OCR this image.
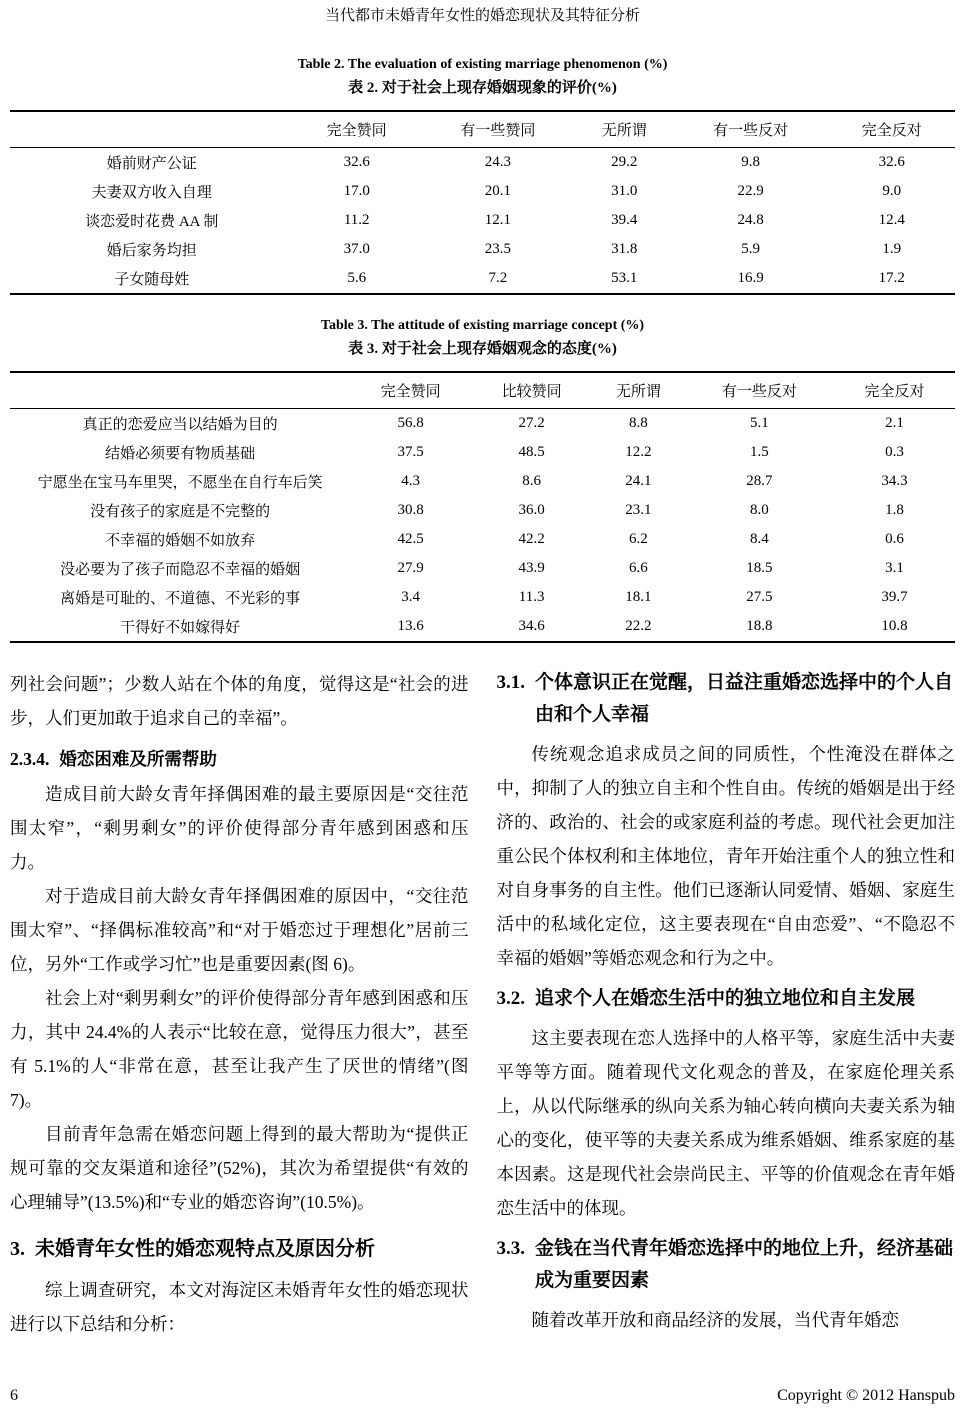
当代都市未婚青年女性的婚恋现状及其特征分析
Table 2. The evaluation of existing marriage phenomenon (%)
表 2. 对于社会上现存婚姻现象的评价(%)
	完全赞同	有一些赞同	无所谓	有一些反对	完全反对
婚前财产公证	32.6	24.3	29.2	9.8	32.6
夫妻双方收入自理	17.0	20.1	31.0	22.9	9.0
谈恋爱时花费 AA 制	11.2	12.1	39.4	24.8	12.4
婚后家务均担	37.0	23.5	31.8	5.9	1.9
子女随母姓	5.6	7.2	53.1	16.9	17.2
Table 3. The attitude of existing marriage concept (%)
表 3. 对于社会上现存婚姻观念的态度(%)
	完全赞同	比较赞同	无所谓	有一些反对	完全反对
真正的恋爱应当以结婚为目的	56.8	27.2	8.8	5.1	2.1
结婚必须要有物质基础	37.5	48.5	12.2	1.5	0.3
宁愿坐在宝马车里哭，不愿坐在自行车后笑	4.3	8.6	24.1	28.7	34.3
没有孩子的家庭是不完整的	30.8	36.0	23.1	8.0	1.8
不幸福的婚姻不如放弃	42.5	42.2	6.2	8.4	0.6
没必要为了孩子而隐忍不幸福的婚姻	27.9	43.9	6.6	18.5	3.1
离婚是可耻的、不道德、不光彩的事	3.4	11.3	18.1	27.5	39.7
干得好不如嫁得好	13.6	34.6	22.2	18.8	10.8

列社会问题”；少数人站在个体的角度，觉得这是“社会的进步，人们更加敢于追求自己的幸福”。

2.3.4. 婚恋困难及所需帮助

造成目前大龄女青年择偶困难的最主要原因是“交往范围太窄”，“剩男剩女”的评价使得部分青年感到困惑和压力。

对于造成目前大龄女青年择偶困难的原因中，“交往范围太窄”、“择偶标准较高”和“对于婚恋过于理想化”居前三位，另外“工作或学习忙”也是重要因素(图 6)。

社会上对“剩男剩女”的评价使得部分青年感到困惑和压力，其中 24.4%的人表示“比较在意，觉得压力很大”，甚至有 5.1%的人“非常在意，甚至让我产生了厌世的情绪”(图 7)。

目前青年急需在婚恋问题上得到的最大帮助为“提供正规可靠的交友渠道和途径”(52%)，其次为希望提供“有效的心理辅导”(13.5%)和“专业的婚恋咨询”(10.5%)。

3. 未婚青年女性的婚恋观特点及原因分析

综上调查研究，本文对海淀区未婚青年女性的婚恋现状进行以下总结和分析：

3.1. 个体意识正在觉醒，日益注重婚恋选择中的个人自由和个人幸福

传统观念追求成员之间的同质性，个性淹没在群体之中，抑制了人的独立自主和个性自由。传统的婚姻是出于经济的、政治的、社会的或家庭利益的考虑。现代社会更加注重公民个体权利和主体地位，青年开始注重个人的独立性和对自身事务的自主性。他们已逐渐认同爱情、婚姻、家庭生活中的私域化定位，这主要表现在“自由恋爱”、“不隐忍不幸福的婚姻”等婚恋观念和行为之中。

3.2. 追求个人在婚恋生活中的独立地位和自主发展

这主要表现在恋人选择中的人格平等，家庭生活中夫妻平等等方面。随着现代文化观念的普及，在家庭伦理关系上，从以代际继承的纵向关系为轴心转向横向夫妻关系为轴心的变化，使平等的夫妻关系成为维系婚姻、维系家庭的基本因素。这是现代社会崇尚民主、平等的价值观念在青年婚恋生活中的体现。

3.3. 金钱在当代青年婚恋选择中的地位上升，经济基础成为重要因素

随着改革开放和商品经济的发展，当代青年婚恋

6	Copyright © 2012 Hanspub
